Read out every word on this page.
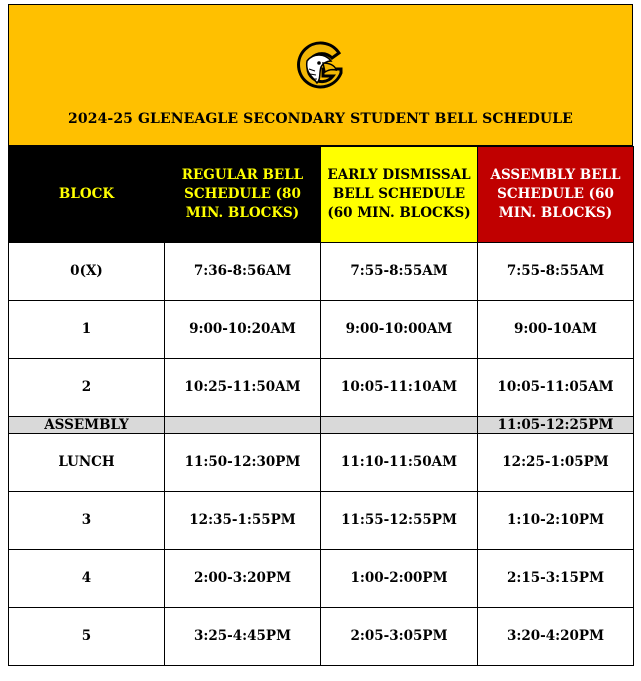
2024-25 GLENEAGLE SECONDARY STUDENT BELL SCHEDULE
BLOCK	REGULAR BELL SCHEDULE (80 MIN. BLOCKS)	EARLY DISMISSAL BELL SCHEDULE (60 MIN. BLOCKS)	ASSEMBLY BELL SCHEDULE (60 MIN. BLOCKS)
0(X)	7:36-8:56AM	7:55-8:55AM	7:55-8:55AM
1	9:00-10:20AM	9:00-10:00AM	9:00-10AM
2	10:25-11:50AM	10:05-11:10AM	10:05-11:05AM
ASSEMBLY			11:05-12:25PM
LUNCH	11:50-12:30PM	11:10-11:50AM	12:25-1:05PM
3	12:35-1:55PM	11:55-12:55PM	1:10-2:10PM
4	2:00-3:20PM	1:00-2:00PM	2:15-3:15PM
5	3:25-4:45PM	2:05-3:05PM	3:20-4:20PM
